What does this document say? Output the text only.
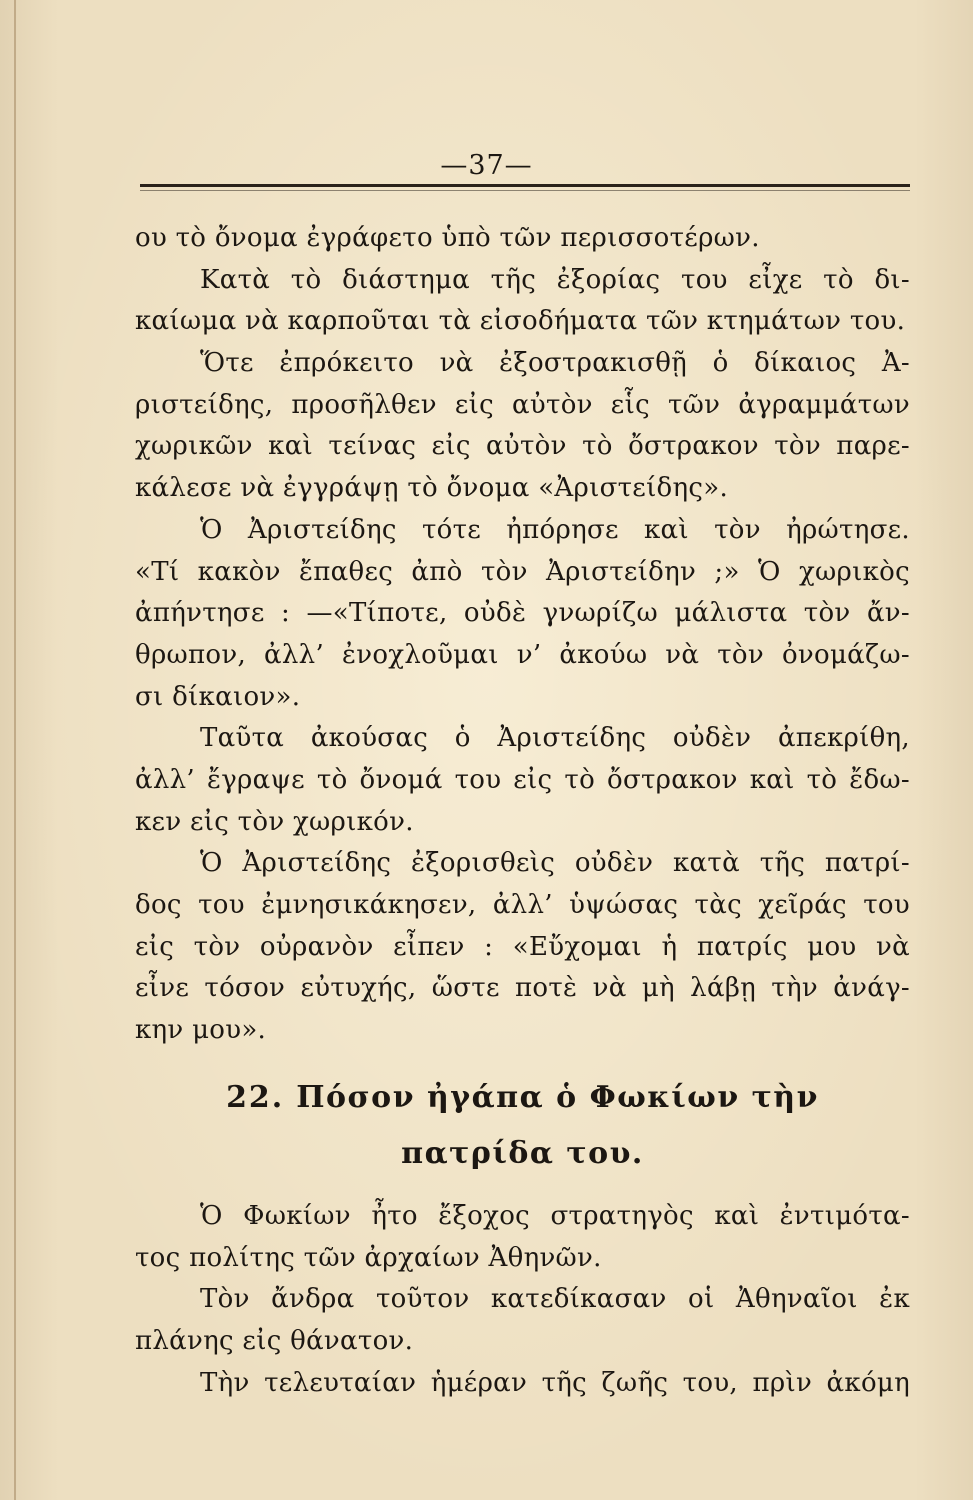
—37—
ου τὸ ὄνομα ἐγράφετο ὑπὸ τῶν περισσοτέρων.
Κατὰ τὸ διάστημα τῆς ἐξορίας του εἶχε τὸ δι-
καίωμα νὰ καρποῦται τὰ εἰσοδήματα τῶν κτημάτων του.
Ὅτε ἐπρόκειτο νὰ ἐξοστρακισθῇ ὁ δίκαιος Ἀ-
ριστείδης, προσῆλθεν εἰς αὐτὸν εἷς τῶν ἀγραμμάτων
χωρικῶν καὶ τείνας εἰς αὐτὸν τὸ ὄστρακον τὸν παρε-
κάλεσε νὰ ἐγγράψῃ τὸ ὄνομα «Ἀριστείδης».
Ὁ Ἀριστείδης τότε ἠπόρησε καὶ τὸν ἠρώτησε.
«Τί κακὸν ἔπαθες ἀπὸ τὸν Ἀριστείδην ;» Ὁ χωρικὸς
ἀπήντησε : —«Τίποτε, οὐδὲ γνωρίζω μάλιστα τὸν ἄν-
θρωπον, ἀλλ’ ἐνοχλοῦμαι ν’ ἀκούω νὰ τὸν ὀνομάζω-
σι δίκαιον».
Ταῦτα ἀκούσας ὁ Ἀριστείδης οὐδὲν ἀπεκρίθη,
ἀλλ’ ἔγραψε τὸ ὄνομά του εἰς τὸ ὄστρακον καὶ τὸ ἔδω-
κεν εἰς τὸν χωρικόν.
Ὁ Ἀριστείδης ἐξορισθεὶς οὐδὲν κατὰ τῆς πατρί-
δος του ἐμνησικάκησεν, ἀλλ’ ὑψώσας τὰς χεῖράς του
εἰς τὸν οὐρανὸν εἶπεν : «Εὔχομαι ἡ πατρίς μου νὰ
εἶνε τόσον εὐτυχής, ὥστε ποτὲ νὰ μὴ λάβῃ τὴν ἀνάγ-
κην μου».
22. Πόσον ἠγάπα ὁ Φωκίων τὴν
πατρίδα του.
Ὁ Φωκίων ἦτο ἔξοχος στρατηγὸς καὶ ἐντιμότα-
τος πολίτης τῶν ἀρχαίων Ἀθηνῶν.
Τὸν ἄνδρα τοῦτον κατεδίκασαν οἱ Ἀθηναῖοι ἐκ
πλάνης εἰς θάνατον.
Τὴν τελευταίαν ἡμέραν τῆς ζωῆς του, πρὶν ἀκόμη
